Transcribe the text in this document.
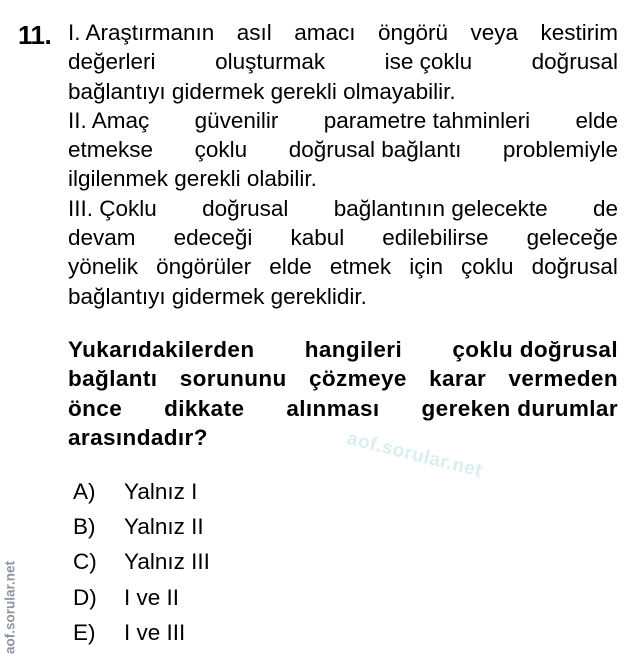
11. I. Araştırmanın asıl amacı öngörü veya kestirim
değerleri	oluşturmak	ise çoklu	doğrusal
bağlantıyı gidermek gerekli olmayabilir.
II. Amaç güvenilir parametre tahminleri elde
etmekse çoklu doğrusal bağlantı problemiyle
ilgilenmek gerekli olabilir.
III. Çoklu doğrusal bağlantının gelecekte de
devam edeceği kabul edilebilirse geleceğe
yönelik öngörüler elde etmek için çoklu doğrusal
bağlantıyı gidermek gereklidir.
Yukarıdakilerden hangileri çoklu doğrusal
bağlantı sorununu çözmeye karar vermeden
önce dikkate alınması gereken durumlar
arasındadır?
A)	Yalnız I
B)	Yalnız II
C)	Yalnız III
D)	I ve II
E)	I ve III
aof.sorular.net
aof.sorular.net
